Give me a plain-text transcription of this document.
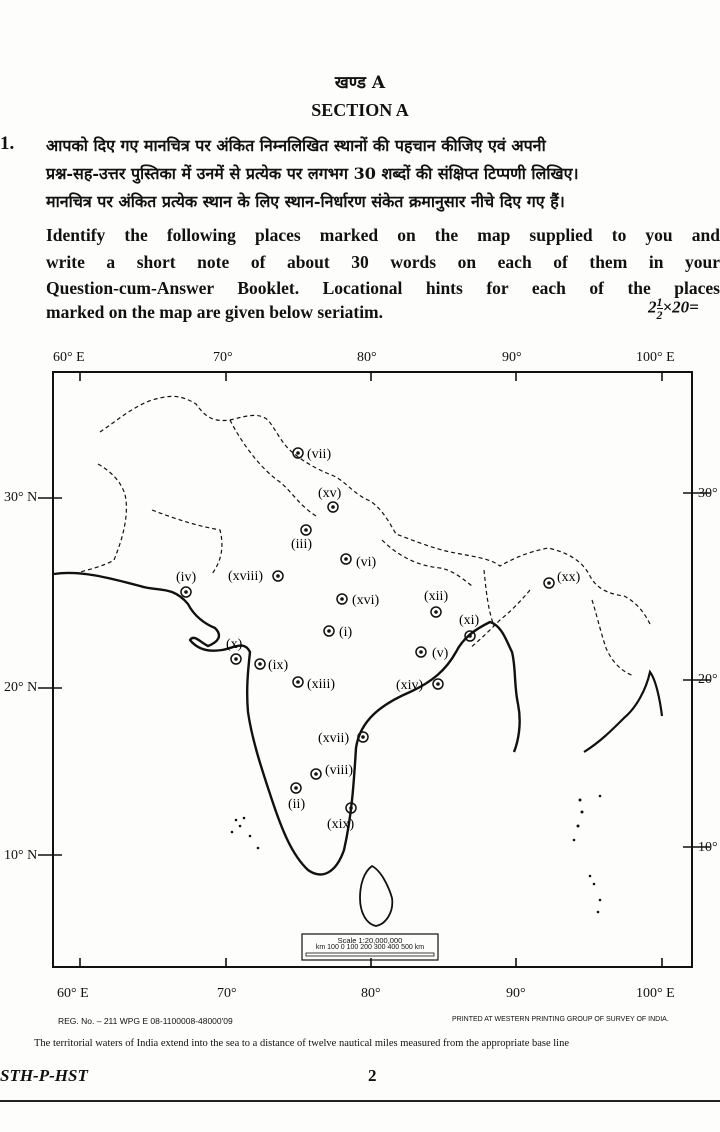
खण्ड A
SECTION A
1. आपको दिए गए मानचित्र पर अंकित निम्नलिखित स्थानों की पहचान कीजिए एवं अपनी
प्रश्न-सह-उत्तर पुस्तिका में उनमें से प्रत्येक पर लगभग 30 शब्दों की संक्षिप्त टिप्पणी लिखिए।
मानचित्र पर अंकित प्रत्येक स्थान के लिए स्थान-निर्धारण संकेत क्रमानुसार नीचे दिए गए हैं।
Identify the following places marked on the map supplied to you and
write a short note of about 30 words on each of them in your
Question-cum-Answer Booklet. Locational hints for each of the places
marked on the map are given below seriatim.	$2 \frac{1}{2} \times 20=$
60° E	70°	80°	90°	100° E
60° E	70°	80°	90°	100° E
30° N
20° N
10° N
30°
20°
10°
(i)
(ii)
(iii)
(iv)
(v)
(vi)
(vii)
(viii)
(ix)
(x)
(xi)
(xii)
(xiii)	(xiv)
(xv)
(xvi)
(xvii)
(xviii)
(xix)
(xx)
Scale 1:20,000,000
km 100 0 100 200 300 400 500 km
REG. No. – 211 WPG E 08-1100008-48000'09	PRINTED AT WESTERN PRINTING GROUP OF SURVEY OF INDIA.
The territorial waters of India extend into the sea to a distance of twelve nautical miles measured from the appropriate base line
STH-P-HST	2
